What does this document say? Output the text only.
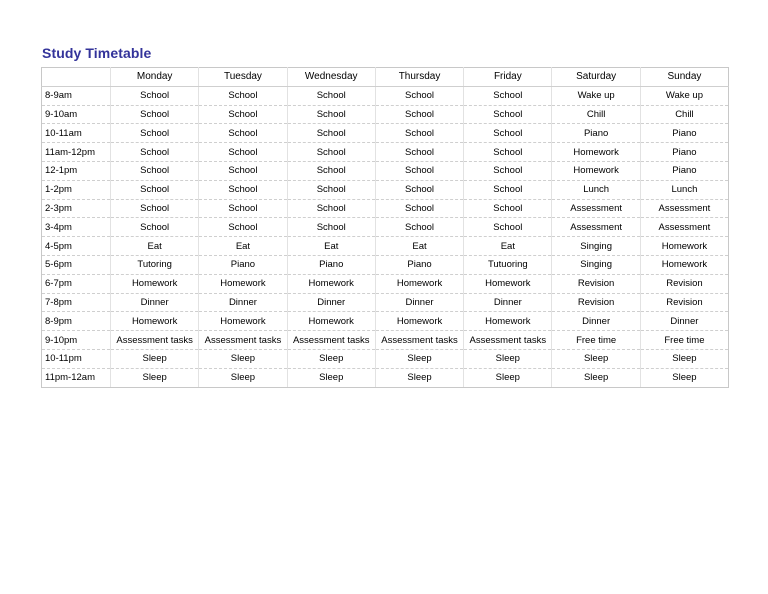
Study Timetable
	Monday	Tuesday	Wednesday	Thursday	Friday	Saturday	Sunday
8-9am	School	School	School	School	School	Wake up	Wake up
9-10am	School	School	School	School	School	Chill	Chill
10-11am	School	School	School	School	School	Piano	Piano
11am-12pm	School	School	School	School	School	Homework	Piano
12-1pm	School	School	School	School	School	Homework	Piano
1-2pm	School	School	School	School	School	Lunch	Lunch
2-3pm	School	School	School	School	School	Assessment	Assessment
3-4pm	School	School	School	School	School	Assessment	Assessment
4-5pm	Eat	Eat	Eat	Eat	Eat	Singing	Homework
5-6pm	Tutoring	Piano	Piano	Piano	Tutuoring	Singing	Homework
6-7pm	Homework	Homework	Homework	Homework	Homework	Revision	Revision
7-8pm	Dinner	Dinner	Dinner	Dinner	Dinner	Revision	Revision
8-9pm	Homework	Homework	Homework	Homework	Homework	Dinner	Dinner
9-10pm	Assessment tasks	Assessment tasks	Assessment tasks	Assessment tasks	Assessment tasks	Free time	Free time
10-11pm	Sleep	Sleep	Sleep	Sleep	Sleep	Sleep	Sleep
11pm-12am	Sleep	Sleep	Sleep	Sleep	Sleep	Sleep	Sleep
